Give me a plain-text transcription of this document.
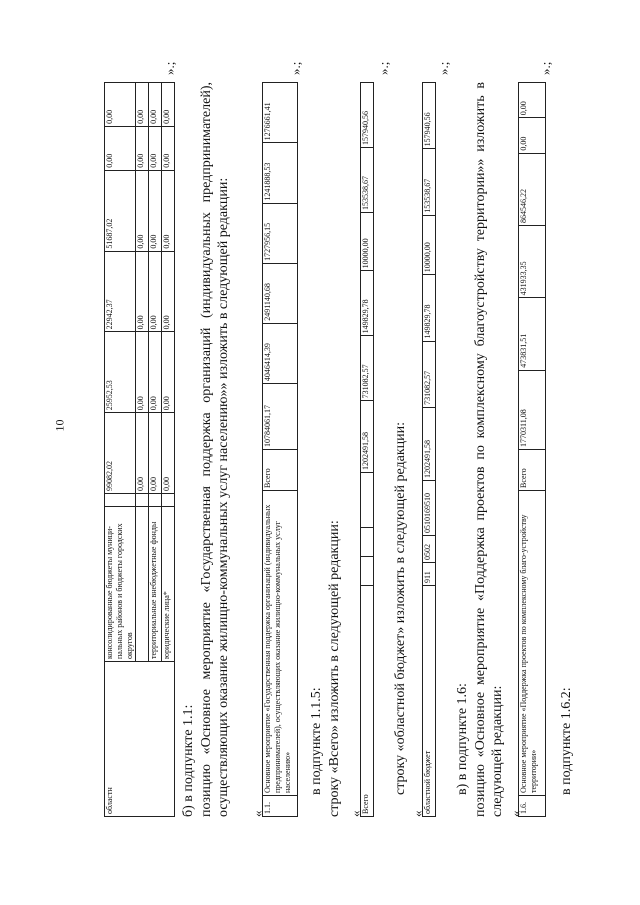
10
областн	консолидированные бюджеты муници-пальных районов и бюджеты городских округов		99082,02	25952,53	22942,37	51687,02	0,00	0,00
			0,00	0,00	0,00	0,00	0,00	0,00
	территориальные внебюджетные фонды		0,00	0,00	0,00	0,00	0,00	0,00
	юридические лица*		0,00	0,00	0,00	0,00	0,00	0,00
».;
б) в подпункте 1.1: позицию «Основное мероприятие «Государственная поддержка организаций (индивидуальных предпринимателей), осуществляющих оказание жилищно-коммунальных услуг населению»» изложить в следующей редакции: «
1.1.	Основное мероприятие «Государственная поддержка организаций (индивидуальных предпринимателей), осуществляющих оказание жилищно-коммунальных услуг населению»	Всего	10784061,17	4046414,39	2491140,68	1727956,15	1241888,53	1276661,41
».;
в подпункте 1.1.5: строку «Всего» изложить в следующей редакции: «
Всего				1202491,58	731082,57	149829,78	10000,00	153538,67	157940,56
».;
строку «областной бюджет» изложить в следующей редакции:
«
областной бюджет	911	0502	0510169510	1202491,58	731082,57	149829,78	10000,00	153538,67	157940,56
».;
в) в подпункте 1.6: позицию «Основное мероприятие «Поддержка проектов по комплексному благоустройству территории»» изложить в следующей редакции: «
1.6.	Основное мероприятие «Поддержка проектов по комплексному благо-устройству территории»	Всего	1770311,08	473831,51	431933,35	864546,22	0,00	0,00
».;
в подпункте 1.6.2:
